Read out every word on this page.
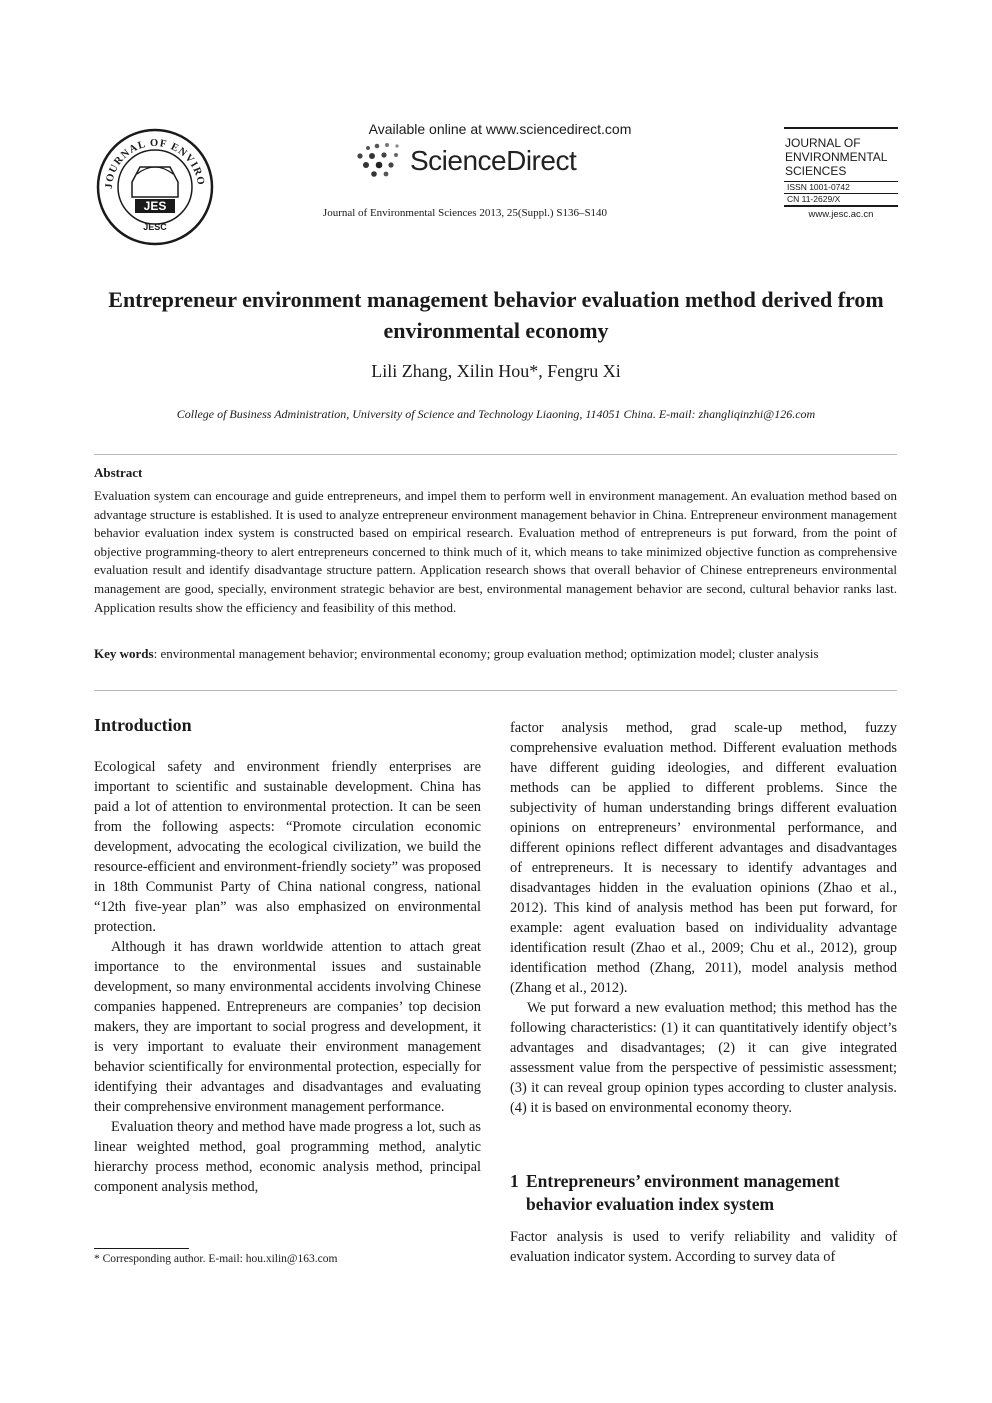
JOURNAL OF ENVIRO
JES
JESC
Available online at www.sciencedirect.com
ScienceDirect
Journal of Environmental Sciences 2013, 25(Suppl.) S136–S140
JOURNAL OF
ENVIRONMENTAL
SCIENCES
ISSN 1001-0742
CN 11-2629/X
www.jesc.ac.cn
Entrepreneur environment management behavior evaluation method derived from environmental economy
Lili Zhang, Xilin Hou*, Fengru Xi
College of Business Administration, University of Science and Technology Liaoning, 114051 China. E-mail: zhangliqinzhi@126.com
Abstract
Evaluation system can encourage and guide entrepreneurs, and impel them to perform well in environment management. An evaluation method based on advantage structure is established. It is used to analyze entrepreneur environment management behavior in China. Entrepreneur environment management behavior evaluation index system is constructed based on empirical research. Evaluation method of entrepreneurs is put forward, from the point of objective programming-theory to alert entrepreneurs concerned to think much of it, which means to take minimized objective function as comprehensive evaluation result and identify disadvantage structure pattern. Application research shows that overall behavior of Chinese entrepreneurs environmental management are good, specially, environment strategic behavior are best, environmental management behavior are second, cultural behavior ranks last. Application results show the efficiency and feasibility of this method.
Key words: environmental management behavior; environmental economy; group evaluation method; optimization model; cluster analysis
Introduction

Ecological safety and environment friendly enterprises are important to scientific and sustainable development. China has paid a lot of attention to environmental protection. It can be seen from the following aspects: “Promote circulation economic development, advocating the ecological civilization, we build the resource-efficient and environment-friendly society” was proposed in 18th Communist Party of China national congress, national “12th five-year plan” was also emphasized on environmental protection.

Although it has drawn worldwide attention to attach great importance to the environmental issues and sustainable development, so many environmental accidents involving Chinese companies happened. Entrepreneurs are companies’ top decision makers, they are important to social progress and development, it is very important to evaluate their environment management behavior scientifically for environmental protection, especially for identifying their advantages and disadvantages and evaluating their comprehensive environment management performance.

Evaluation theory and method have made progress a lot, such as linear weighted method, goal programming method, analytic hierarchy process method, economic analysis method, principal component analysis method,

* Corresponding author. E-mail: hou.xilin@163.com

factor analysis method, grad scale-up method, fuzzy comprehensive evaluation method. Different evaluation methods have different guiding ideologies, and different evaluation methods can be applied to different problems. Since the subjectivity of human understanding brings different evaluation opinions on entrepreneurs’ environmental performance, and different opinions reflect different advantages and disadvantages of entrepreneurs. It is necessary to identify advantages and disadvantages hidden in the evaluation opinions (Zhao et al., 2012). This kind of analysis method has been put forward, for example: agent evaluation based on individuality advantage identification result (Zhao et al., 2009; Chu et al., 2012), group identification method (Zhang, 2011), model analysis method (Zhang et al., 2012).

We put forward a new evaluation method; this method has the following characteristics: (1) it can quantitatively identify object’s advantages and disadvantages; (2) it can give integrated assessment value from the perspective of pessimistic assessment; (3) it can reveal group opinion types according to cluster analysis. (4) it is based on environmental economy theory.

1 Entrepreneurs’ environment management
behavior evaluation index system

Factor analysis is used to verify reliability and validity of evaluation indicator system. According to survey data of
